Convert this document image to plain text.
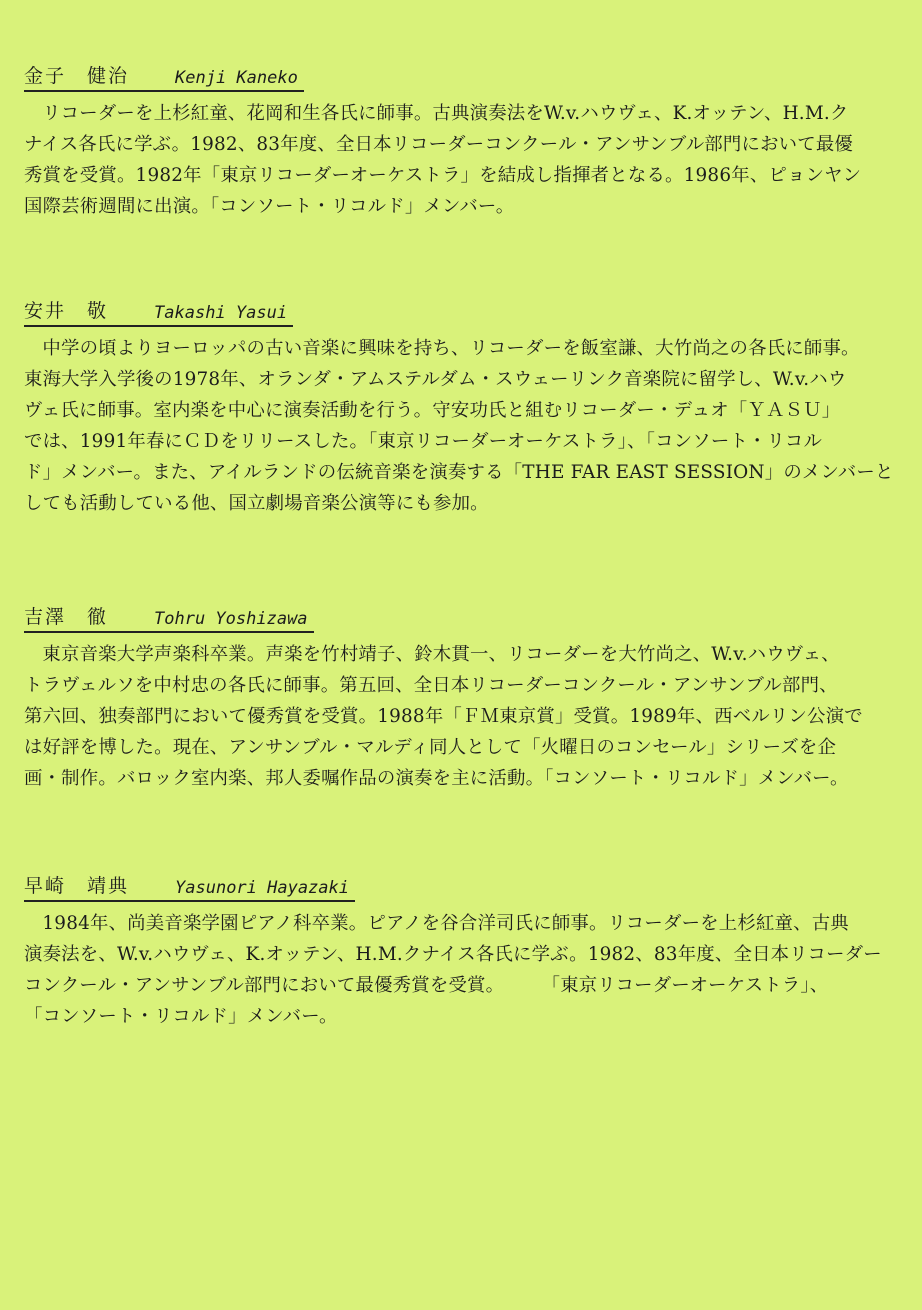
金子　健治	Kenji Kaneko

リコーダーを上杉紅童、花岡和生各氏に師事。古典演奏法をW.v.ハウヴェ、K.オッテン、H.M.ク
ナイス各氏に学ぶ。1982、83年度、全日本リコーダーコンクール・アンサンブル部門において最優
秀賞を受賞。1982年「東京リコーダーオーケストラ」を結成し指揮者となる。1986年、ピョンヤン
国際芸術週間に出演。「コンソート・リコルド」メンバー。

安井　敬	Takashi Yasui

中学の頃よりヨーロッパの古い音楽に興味を持ち、リコーダーを飯室謙、大竹尚之の各氏に師事。
東海大学入学後の1978年、オランダ・アムステルダム・スウェーリンク音楽院に留学し、W.v.ハウ
ヴェ氏に師事。室内楽を中心に演奏活動を行う。守安功氏と組むリコーダー・デュオ「ＹＡＳＵ」
では、1991年春にＣＤをリリースした。「東京リコーダーオーケストラ」、「コンソート・リコル
ド」メンバー。また、アイルランドの伝統音楽を演奏する「THE FAR EAST SESSION」のメンバーと
しても活動している他、国立劇場音楽公演等にも参加。

吉澤　徹	Tohru Yoshizawa

東京音楽大学声楽科卒業。声楽を竹村靖子、鈴木貫一、リコーダーを大竹尚之、W.v.ハウヴェ、
トラヴェルソを中村忠の各氏に師事。第五回、全日本リコーダーコンクール・アンサンブル部門、
第六回、独奏部門において優秀賞を受賞。1988年「ＦＭ東京賞」受賞。1989年、西ベルリン公演で
は好評を博した。現在、アンサンブル・マルディ同人として「火曜日のコンセール」シリーズを企
画・制作。バロック室内楽、邦人委嘱作品の演奏を主に活動。「コンソート・リコルド」メンバー。

早崎　靖典	Yasunori Hayazaki

1984年、尚美音楽学園ピアノ科卒業。ピアノを谷合洋司氏に師事。リコーダーを上杉紅童、古典
演奏法を、W.v.ハウヴェ、K.オッテン、H.M.クナイス各氏に学ぶ。1982、83年度、全日本リコーダー
コンクール・アンサンブル部門において最優秀賞を受賞。　　　「東京リコーダーオーケストラ」、
「コンソート・リコルド」メンバー。
